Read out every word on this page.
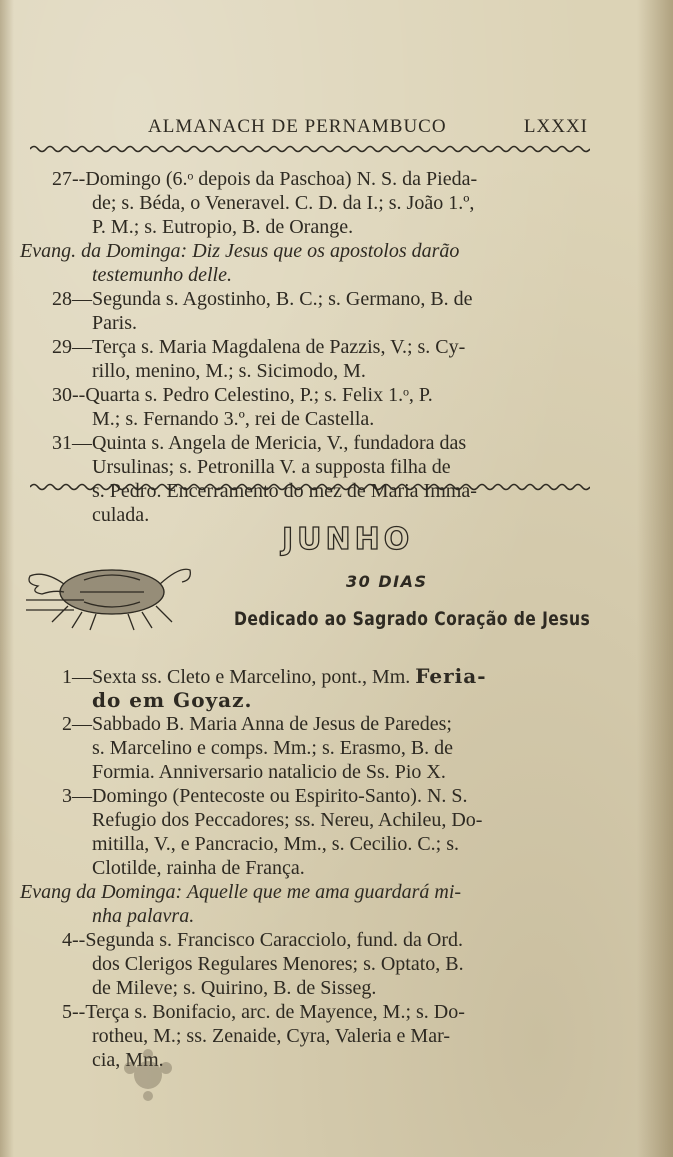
ALMANACH DE PERNAMBUCO	LXXXI
27--Domingo (6.ᵒ depois da Paschoa) N. S. da Pieda-
de; s. Béda, o Veneravel. C. D. da I.; s. João 1.º,
P. M.; s. Eutropio, B. de Orange.
Evang. da Dominga: Diz Jesus que os apostolos darão
testemunho delle.
28—Segunda s. Agostinho, B. C.; s. Germano, B. de
Paris.
29—Terça s. Maria Magdalena de Pazzis, V.; s. Cy-
rillo, menino, M.; s. Sicimodo, M.
30--Quarta s. Pedro Celestino, P.; s. Felix 1.ᵒ, P.
M.; s. Fernando 3.º, rei de Castella.
31—Quinta s. Angela de Mericia, V., fundadora das
Ursulinas; s. Petronilla V. a supposta filha de
s. Pedro. Encerramento do mez de Maria Imma-
culada.
JUNHO
30 DIAS
Dedicado ao Sagrado Coração de Jesus
1—Sexta ss. Cleto e Marcelino, pont., Mm. Feria-
do em Goyaz.
2—Sabbado B. Maria Anna de Jesus de Paredes;
s. Marcelino e comps. Mm.; s. Erasmo, B. de
Formia. Anniversario natalicio de Ss. Pio X.
3—Domingo (Pentecoste ou Espirito-Santo). N. S.
Refugio dos Peccadores; ss. Nereu, Achileu, Do-
mitilla, V., e Pancracio, Mm., s. Cecilio. C.; s.
Clotilde, rainha de França.
Evang da Dominga: Aquelle que me ama guardará mi-
nha palavra.
4--Segunda s. Francisco Caracciolo, fund. da Ord.
dos Clerigos Regulares Menores; s. Optato, B.
de Mileve; s. Quirino, B. de Sisseg.
5--Terça s. Bonifacio, arc. de Mayence, M.; s. Do-
rotheu, M.; ss. Zenaide, Cyra, Valeria e Mar-
cia, Mm.
